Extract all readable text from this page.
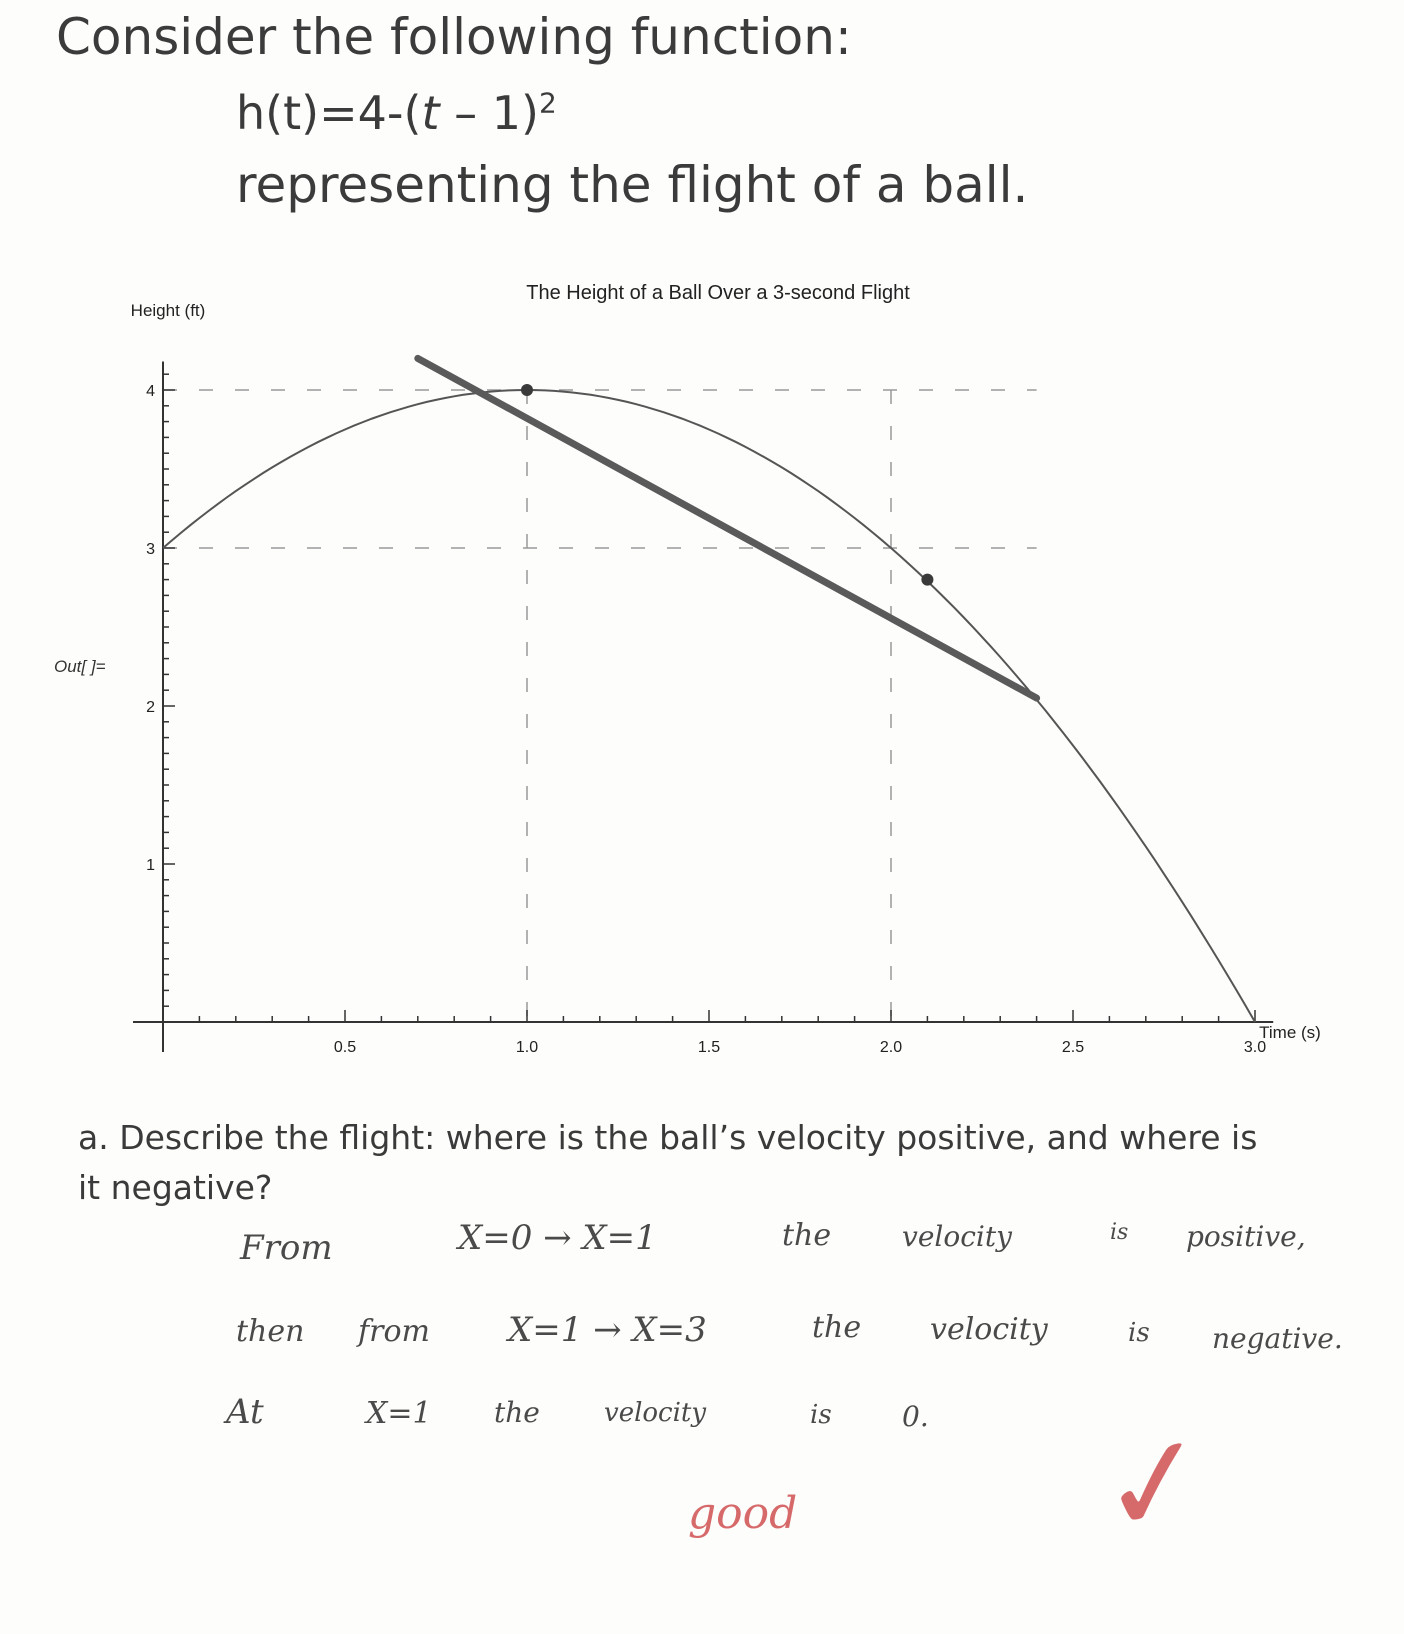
Consider the following function:
h(t)=4-(t – 1)$^2$
representing the flight of a ball.
Out[ ]=
The Height of a Ball Over a 3-second Flight
Height (ft)
Time (s)
0.5	1.0	1.5	2.0	2.5	3.0
1
2
3
4

a. Describe the flight: where is the ball’s velocity positive, and where is it negative?

From	X=0 → X=1	the	velocity	is positive,
then from X=1 → X=3	the velocity	is negative.
At	X=1 the velocity	is	0.
good ✓
